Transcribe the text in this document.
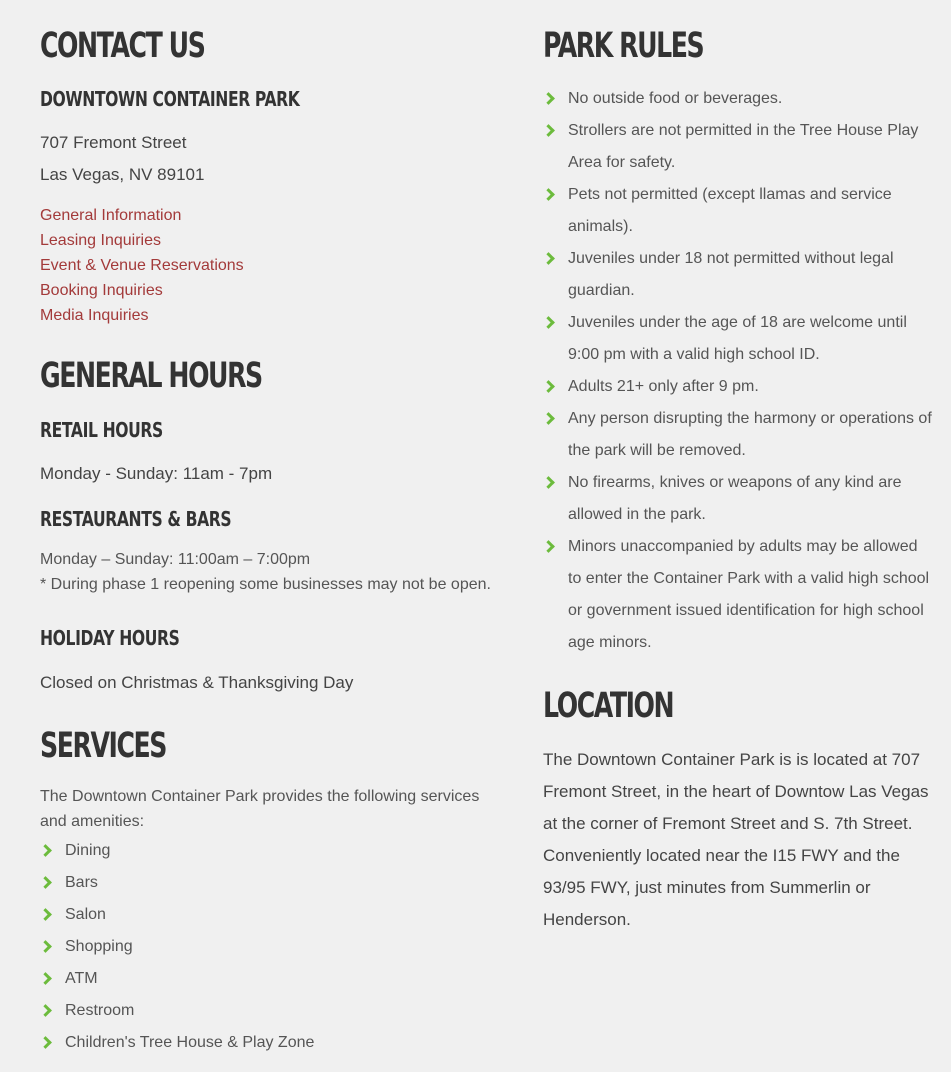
CONTACT US
DOWNTOWN CONTAINER PARK

707 Fremont Street

Las Vegas, NV 89101

General Information
Leasing Inquiries
Event & Venue Reservations
Booking Inquiries
Media Inquiries
GENERAL HOURS
RETAIL HOURS

Monday - Sunday: 11am - 7pm

RESTAURANTS & BARS

Monday – Sunday: 11:00am – 7:00pm

* During phase 1 reopening some businesses may not be open.

HOLIDAY HOURS

Closed on Christmas & Thanksgiving Day

SERVICES

The Downtown Container Park provides the following services and amenities:

Dining
Bars
Salon
Shopping
ATM
Restroom
Children's Tree House & Play Zone
PARK RULES
No outside food or beverages.
Strollers are not permitted in the Tree House Play Area for safety.
Pets not permitted (except llamas and service animals).
Juveniles under 18 not permitted without legal guardian.
Juveniles under the age of 18 are welcome until 9:00 pm with a valid high school ID.
Adults 21+ only after 9 pm.
Any person disrupting the harmony or operations of the park will be removed.
No firearms, knives or weapons of any kind are allowed in the park.
Minors unaccompanied by adults may be allowed to enter the Container Park with a valid high school or government issued identification for high school age minors.
LOCATION

The Downtown Container Park is is located at 707 Fremont Street, in the heart of Downtow Las Vegas at the corner of Fremont Street and S. 7th Street. Conveniently located near the I15 FWY and the 93/95 FWY, just minutes from Summerlin or Henderson.
